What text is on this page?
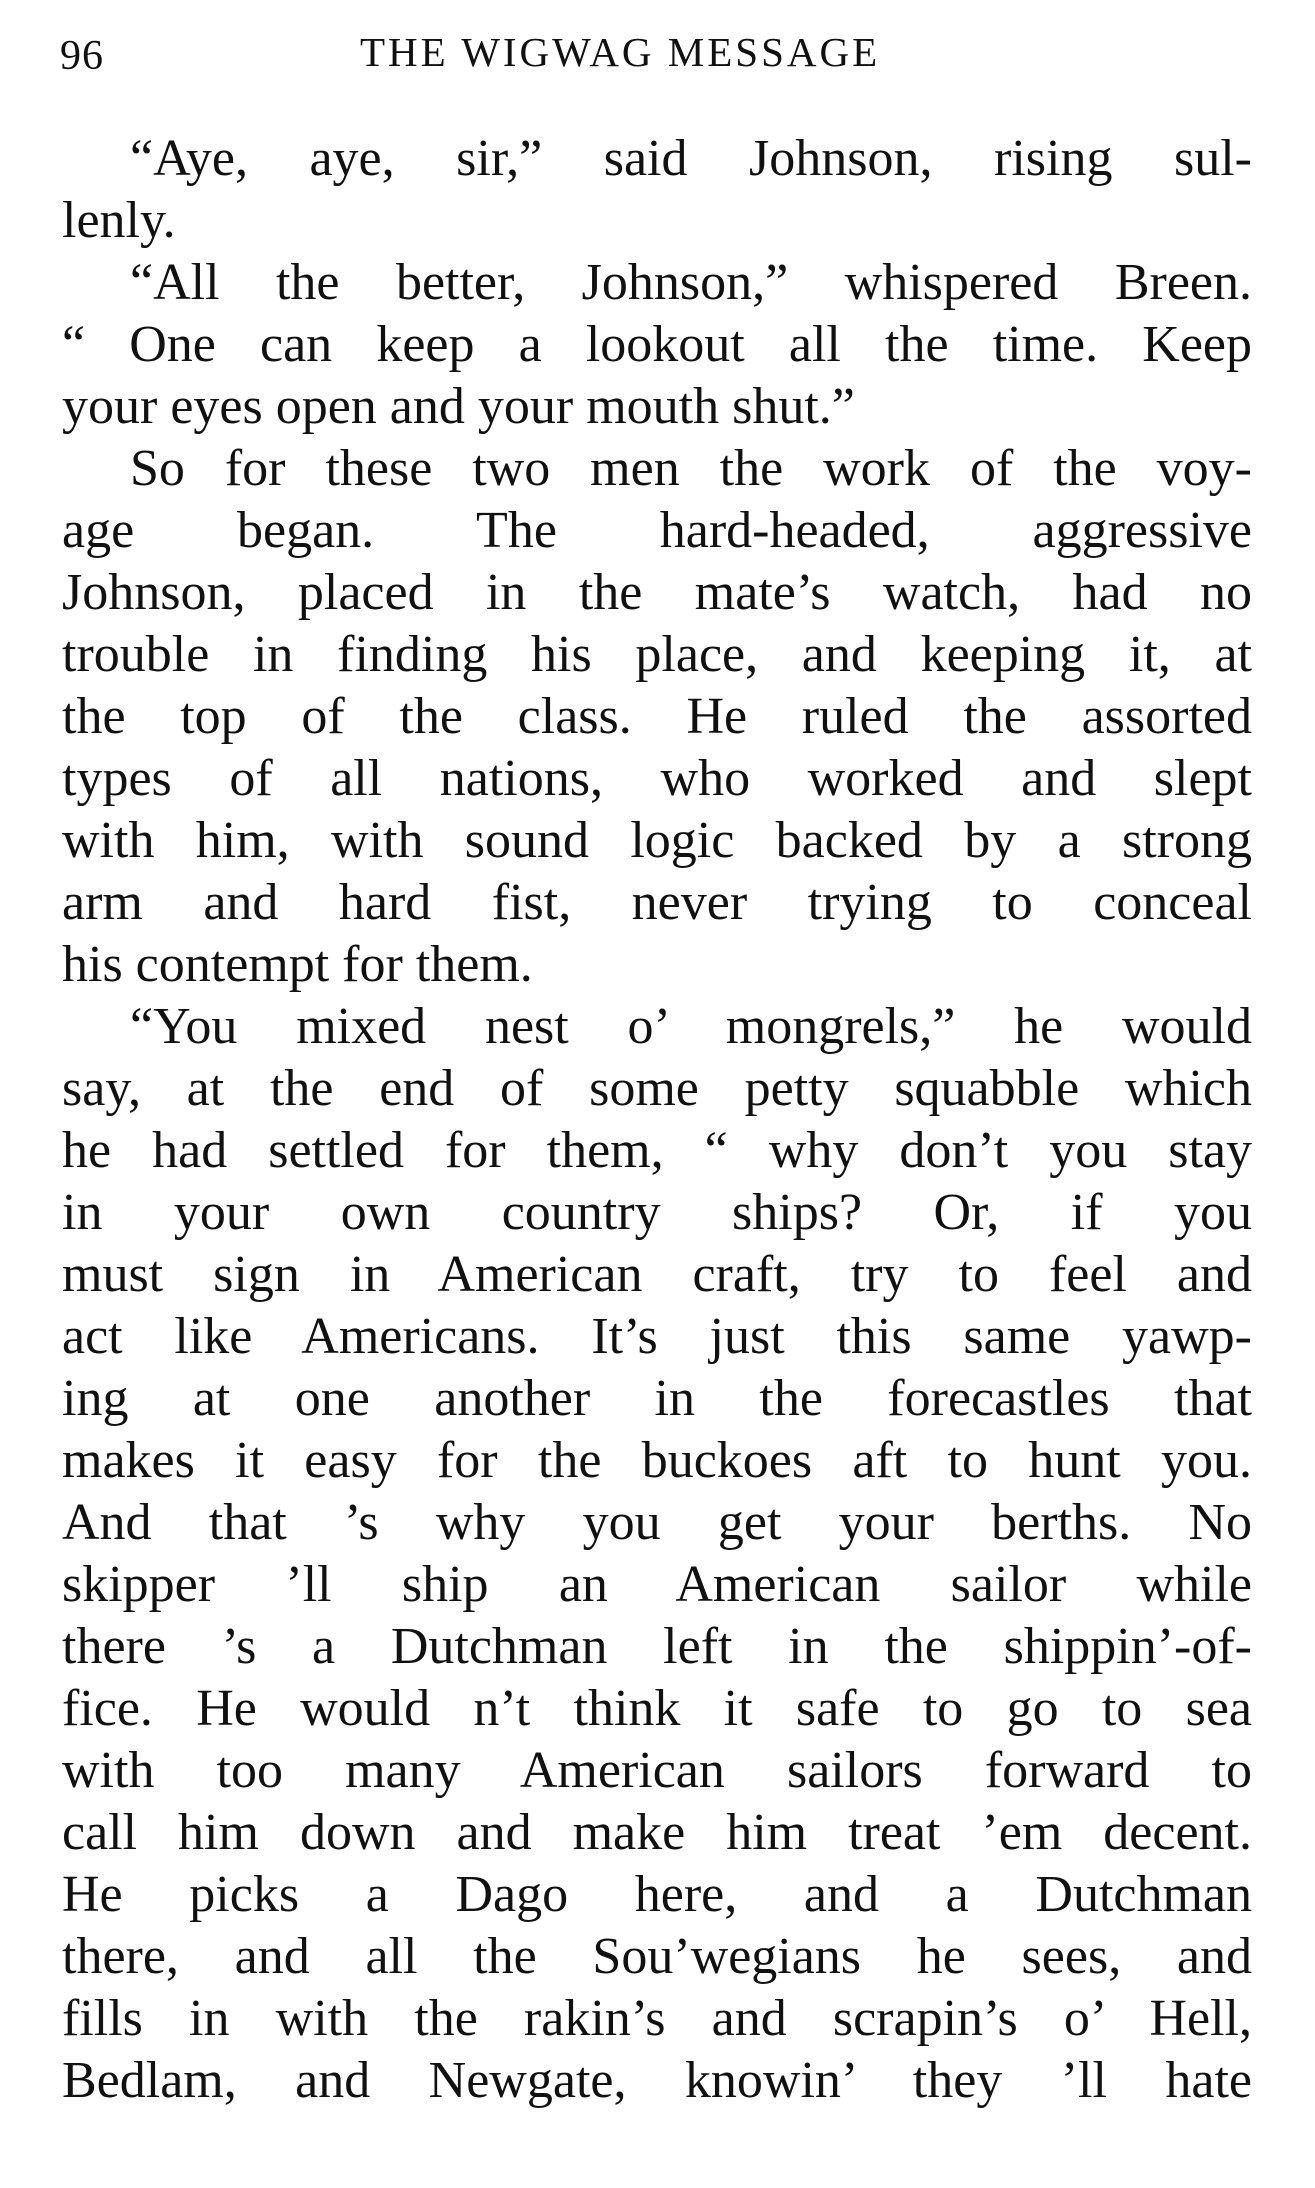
96	THE WIGWAG MESSAGE
“Aye, aye, sir,” said Johnson, rising sul-
lenly.
“All the better, Johnson,” whispered Breen.
“ One can keep a lookout all the time. Keep
your eyes open and your mouth shut.”
So for these two men the work of the voy-
age began. The hard-headed, aggressive
Johnson, placed in the mate’s watch, had no
trouble in finding his place, and keeping it, at
the top of the class. He ruled the assorted
types of all nations, who worked and slept
with him, with sound logic backed by a strong
arm and hard fist, never trying to conceal
his contempt for them.
“You mixed nest o’ mongrels,” he would
say, at the end of some petty squabble which
he had settled for them, “ why don’t you stay
in your own country ships? Or, if you
must sign in American craft, try to feel and
act like Americans. It’s just this same yawp-
ing at one another in the forecastles that
makes it easy for the buckoes aft to hunt you.
And that ’s why you get your berths. No
skipper ’ll ship an American sailor while
there ’s a Dutchman left in the shippin’-of-
fice. He would n’t think it safe to go to sea
with too many American sailors forward to
call him down and make him treat ’em decent.
He picks a Dago here, and a Dutchman
there, and all the Sou’wegians he sees, and
fills in with the rakin’s and scrapin’s o’ Hell,
Bedlam, and Newgate, knowin’ they ’ll hate
